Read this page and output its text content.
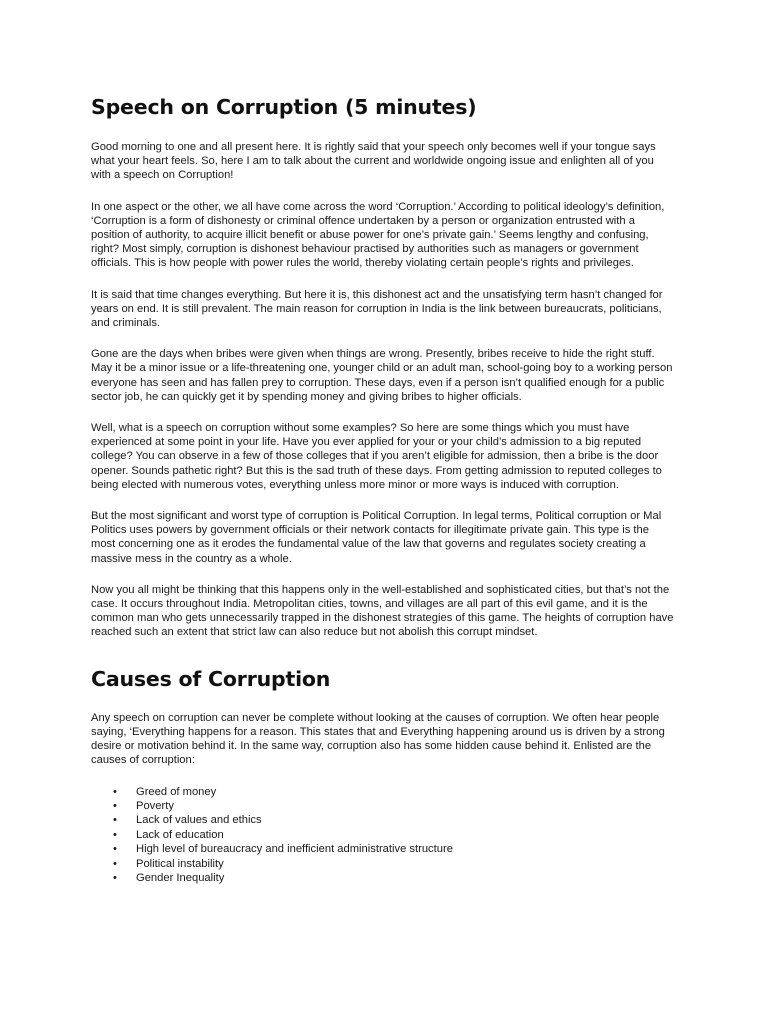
Speech on Corruption (5 minutes)

Good morning to one and all present here. It is rightly said that your speech only becomes well if your tongue says
what your heart feels. So, here I am to talk about the current and worldwide ongoing issue and enlighten all of you
with a speech on Corruption!

In one aspect or the other, we all have come across the word ‘Corruption.’ According to political ideology’s definition,
‘Corruption is a form of dishonesty or criminal offence undertaken by a person or organization entrusted with a
position of authority, to acquire illicit benefit or abuse power for one’s private gain.’ Seems lengthy and confusing,
right? Most simply, corruption is dishonest behaviour practised by authorities such as managers or government
officials. This is how people with power rules the world, thereby violating certain people’s rights and privileges.

It is said that time changes everything. But here it is, this dishonest act and the unsatisfying term hasn’t changed for
years on end. It is still prevalent. The main reason for corruption in India is the link between bureaucrats, politicians,
and criminals.

Gone are the days when bribes were given when things are wrong. Presently, bribes receive to hide the right stuff.
May it be a minor issue or a life-threatening one, younger child or an adult man, school-going boy to a working person
everyone has seen and has fallen prey to corruption. These days, even if a person isn’t qualified enough for a public
sector job, he can quickly get it by spending money and giving bribes to higher officials.

Well, what is a speech on corruption without some examples? So here are some things which you must have
experienced at some point in your life. Have you ever applied for your or your child’s admission to a big reputed
college? You can observe in a few of those colleges that if you aren’t eligible for admission, then a bribe is the door
opener. Sounds pathetic right? But this is the sad truth of these days. From getting admission to reputed colleges to
being elected with numerous votes, everything unless more minor or more ways is induced with corruption.

But the most significant and worst type of corruption is Political Corruption. In legal terms, Political corruption or Mal
Politics uses powers by government officials or their network contacts for illegitimate private gain. This type is the
most concerning one as it erodes the fundamental value of the law that governs and regulates society creating a
massive mess in the country as a whole.

Now you all might be thinking that this happens only in the well-established and sophisticated cities, but that’s not the
case. It occurs throughout India. Metropolitan cities, towns, and villages are all part of this evil game, and it is the
common man who gets unnecessarily trapped in the dishonest strategies of this game. The heights of corruption have
reached such an extent that strict law can also reduce but not abolish this corrupt mindset.

Causes of Corruption

Any speech on corruption can never be complete without looking at the causes of corruption. We often hear people
saying, ‘Everything happens for a reason. This states that and Everything happening around us is driven by a strong
desire or motivation behind it. In the same way, corruption also has some hidden cause behind it. Enlisted are the
causes of corruption:

• Greed of money
• Poverty
• Lack of values and ethics
• Lack of education
• High level of bureaucracy and inefficient administrative structure
• Political instability
• Gender Inequality
